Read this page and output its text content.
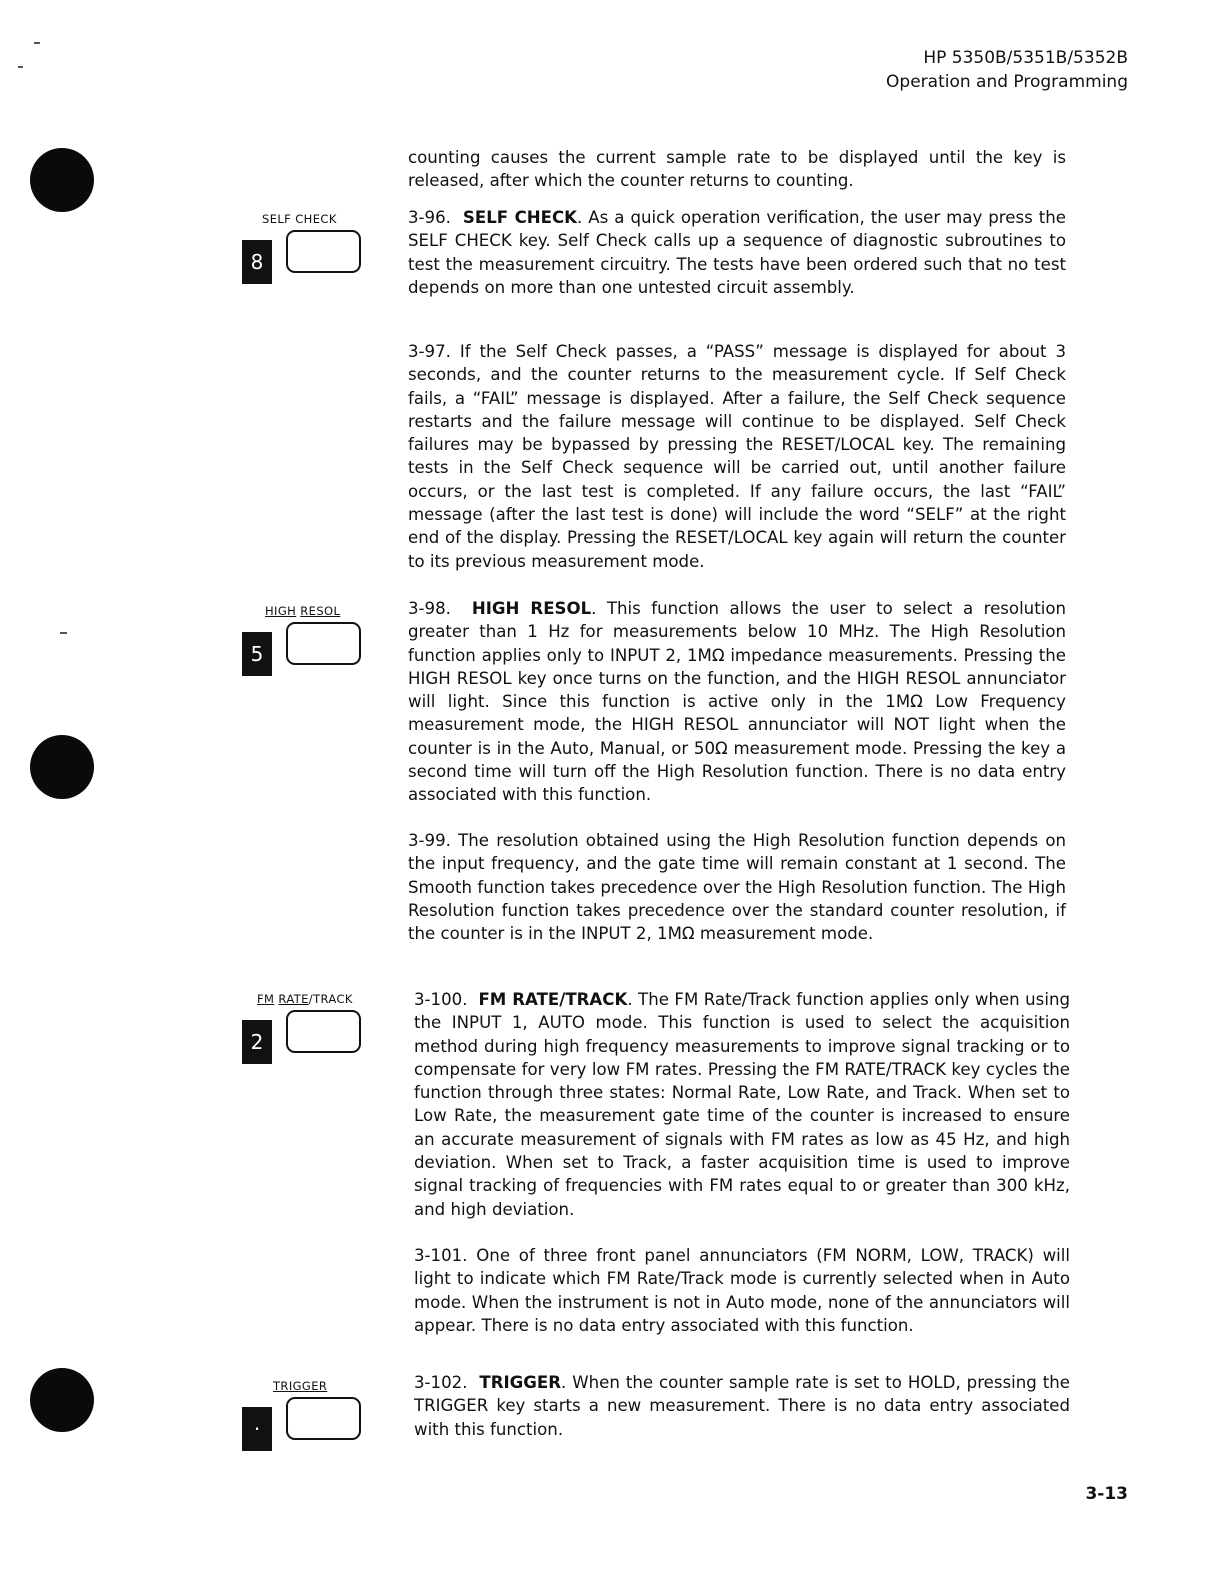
HP 5350B/5351B/5352B
Operation and Programming
counting causes the current sample rate to be displayed until the key is released, after which the counter returns to counting.
SELF CHECK
8
3-96. SELF CHECK. As a quick operation verification, the user may press the SELF CHECK key. Self Check calls up a sequence of diagnostic subroutines to test the measurement circuitry. The tests have been ordered such that no test depends on more than one untested circuit assembly.
3-97. If the Self Check passes, a “PASS” message is displayed for about 3 seconds, and the counter returns to the measurement cycle. If Self Check fails, a “FAIL” message is displayed. After a failure, the Self Check sequence restarts and the failure message will continue to be displayed. Self Check failures may be bypassed by pressing the RESET/LOCAL key. The remaining tests in the Self Check sequence will be carried out, until another failure occurs, or the last test is completed. If any failure occurs, the last “FAIL” message (after the last test is done) will include the word “SELF” at the right end of the display. Pressing the RESET/LOCAL key again will return the counter to its previous measurement mode.
HIGH RESOL
5
3-98. HIGH RESOL. This function allows the user to select a resolution greater than 1 Hz for measurements below 10 MHz. The High Resolution function applies only to INPUT 2, 1MΩ impedance measurements. Pressing the HIGH RESOL key once turns on the function, and the HIGH RESOL annunciator will light. Since this function is active only in the 1MΩ Low Frequency measurement mode, the HIGH RESOL annunciator will NOT light when the counter is in the Auto, Manual, or 50Ω measurement mode. Pressing the key a second time will turn off the High Resolution function. There is no data entry associated with this function.
3-99. The resolution obtained using the High Resolution function depends on the input frequency, and the gate time will remain constant at 1 second. The Smooth function takes precedence over the High Resolution function. The High Resolution function takes precedence over the standard counter resolution, if the counter is in the INPUT 2, 1MΩ measurement mode.
FM RATE/TRACK
2
3-100. FM RATE/TRACK. The FM Rate/Track function applies only when using the INPUT 1, AUTO mode. This function is used to select the acquisition method during high frequency measurements to improve signal tracking or to compensate for very low FM rates. Pressing the FM RATE/TRACK key cycles the function through three states: Normal Rate, Low Rate, and Track. When set to Low Rate, the measurement gate time of the counter is increased to ensure an accurate measurement of signals with FM rates as low as 45 Hz, and high deviation. When set to Track, a faster acquisition time is used to improve signal tracking of frequencies with FM rates equal to or greater than 300 kHz, and high deviation.
3-101. One of three front panel annunciators (FM NORM, LOW, TRACK) will light to indicate which FM Rate/Track mode is currently selected when in Auto mode. When the instrument is not in Auto mode, none of the annunciators will appear. There is no data entry associated with this function.
TRIGGER
·
3-102. TRIGGER. When the counter sample rate is set to HOLD, pressing the TRIGGER key starts a new measurement. There is no data entry associated with this function.
3-13
